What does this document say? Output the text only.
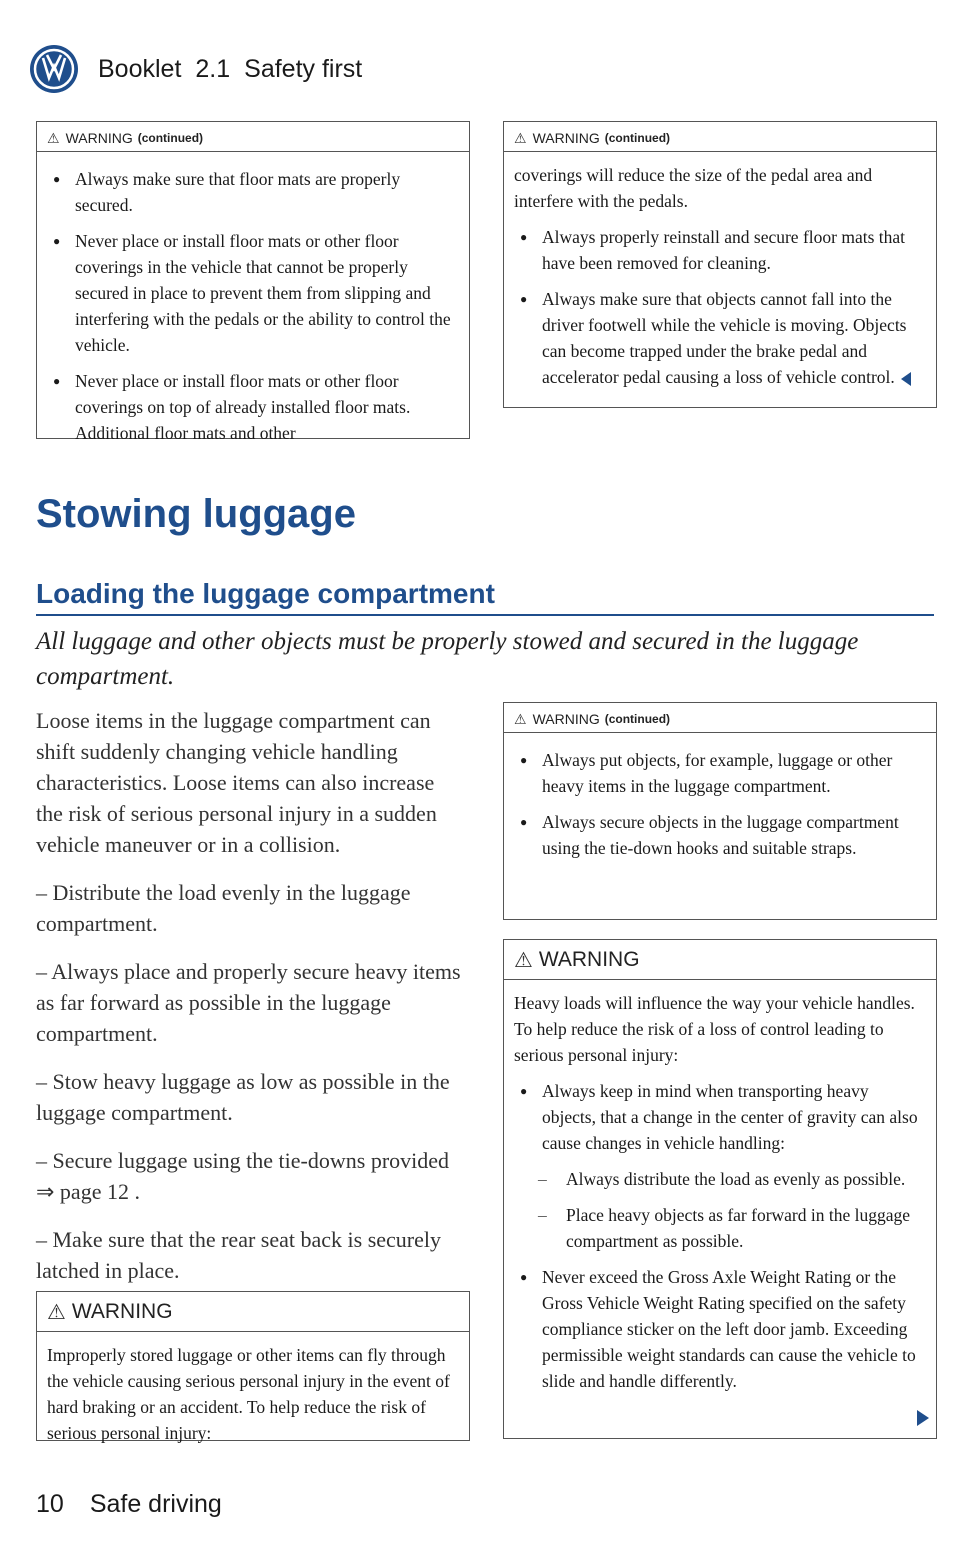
Booklet 2.1 Safety first
⚠ WARNING (continued)

● Always make sure that floor mats are properly secured.
● Never place or install floor mats or other floor coverings in the vehicle that cannot be properly secured in place to prevent them from slipping and interfering with the pedals or the ability to control the vehicle.
● Never place or install floor mats or other floor coverings on top of already installed floor mats. Additional floor mats and other
⚠ WARNING (continued)

coverings will reduce the size of the pedal area and interfere with the pedals.

● Always properly reinstall and secure floor mats that have been removed for cleaning.
● Always make sure that objects cannot fall into the driver footwell while the vehicle is moving. Objects can become trapped under the brake pedal and accelerator pedal causing a loss of vehicle control.
Stowing luggage
Loading the luggage compartment
All luggage and other objects must be properly stowed and secured in the luggage compartment.

Loose items in the luggage compartment can shift suddenly changing vehicle handling characteristics. Loose items can also increase the risk of serious personal injury in a sudden vehicle maneuver or in a collision.

– Distribute the load evenly in the luggage compartment.

– Always place and properly secure heavy items as far forward as possible in the luggage compartment.

– Stow heavy luggage as low as possible in the luggage compartment.

– Secure luggage using the tie-downs provided ⇒ page 12 .

– Make sure that the rear seat back is securely latched in place.

⚠ WARNING

Improperly stored luggage or other items can fly through the vehicle causing serious personal injury in the event of hard braking or an accident. To help reduce the risk of serious personal injury:

⚠ WARNING (continued)

● Always put objects, for example, luggage or other heavy items in the luggage compartment.
● Always secure objects in the luggage compartment using the tie-down hooks and suitable straps.
⚠ WARNING

Heavy loads will influence the way your vehicle handles. To help reduce the risk of a loss of control leading to serious personal injury:

● Always keep in mind when transporting heavy objects, that a change in the center of gravity can also cause changes in vehicle handling:
– Always distribute the load as evenly as possible.
– Place heavy objects as far forward in the luggage compartment as possible.
● Never exceed the Gross Axle Weight Rating or the Gross Vehicle Weight Rating specified on the safety compliance sticker on the left door jamb. Exceeding permissible weight standards can cause the vehicle to slide and handle differently.
10 Safe driving
